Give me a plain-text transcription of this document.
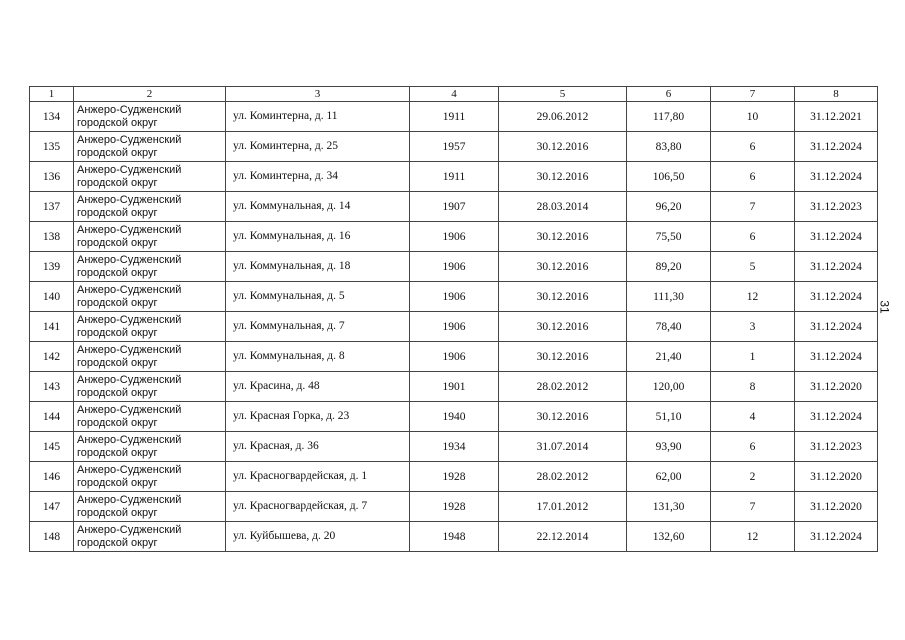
1	2	3	4	5	6	7	8
134	Анжеро-Судженский городской округ	ул. Коминтерна, д. 11	1911	29.06.2012	117,80	10	31.12.2021
135	Анжеро-Судженский городской округ	ул. Коминтерна, д. 25	1957	30.12.2016	83,80	6	31.12.2024
136	Анжеро-Судженский городской округ	ул. Коминтерна, д. 34	1911	30.12.2016	106,50	6	31.12.2024
137	Анжеро-Судженский городской округ	ул. Коммунальная, д. 14	1907	28.03.2014	96,20	7	31.12.2023
138	Анжеро-Судженский городской округ	ул. Коммунальная, д. 16	1906	30.12.2016	75,50	6	31.12.2024
139	Анжеро-Судженский городской округ	ул. Коммунальная, д. 18	1906	30.12.2016	89,20	5	31.12.2024
140	Анжеро-Судженский городской округ	ул. Коммунальная, д. 5	1906	30.12.2016	111,30	12	31.12.2024
141	Анжеро-Судженский городской округ	ул. Коммунальная, д. 7	1906	30.12.2016	78,40	3	31.12.2024
142	Анжеро-Судженский городской округ	ул. Коммунальная, д. 8	1906	30.12.2016	21,40	1	31.12.2024
143	Анжеро-Судженский городской округ	ул. Красина, д. 48	1901	28.02.2012	120,00	8	31.12.2020
144	Анжеро-Судженский городской округ	ул. Красная Горка, д. 23	1940	30.12.2016	51,10	4	31.12.2024
145	Анжеро-Судженский городской округ	ул. Красная, д. 36	1934	31.07.2014	93,90	6	31.12.2023
146	Анжеро-Судженский городской округ	ул. Красногвардейская, д. 1	1928	28.02.2012	62,00	2	31.12.2020
147	Анжеро-Судженский городской округ	ул. Красногвардейская, д. 7	1928	17.01.2012	131,30	7	31.12.2020
148	Анжеро-Судженский городской округ	ул. Куйбышева, д. 20	1948	22.12.2014	132,60	12	31.12.2024
31
